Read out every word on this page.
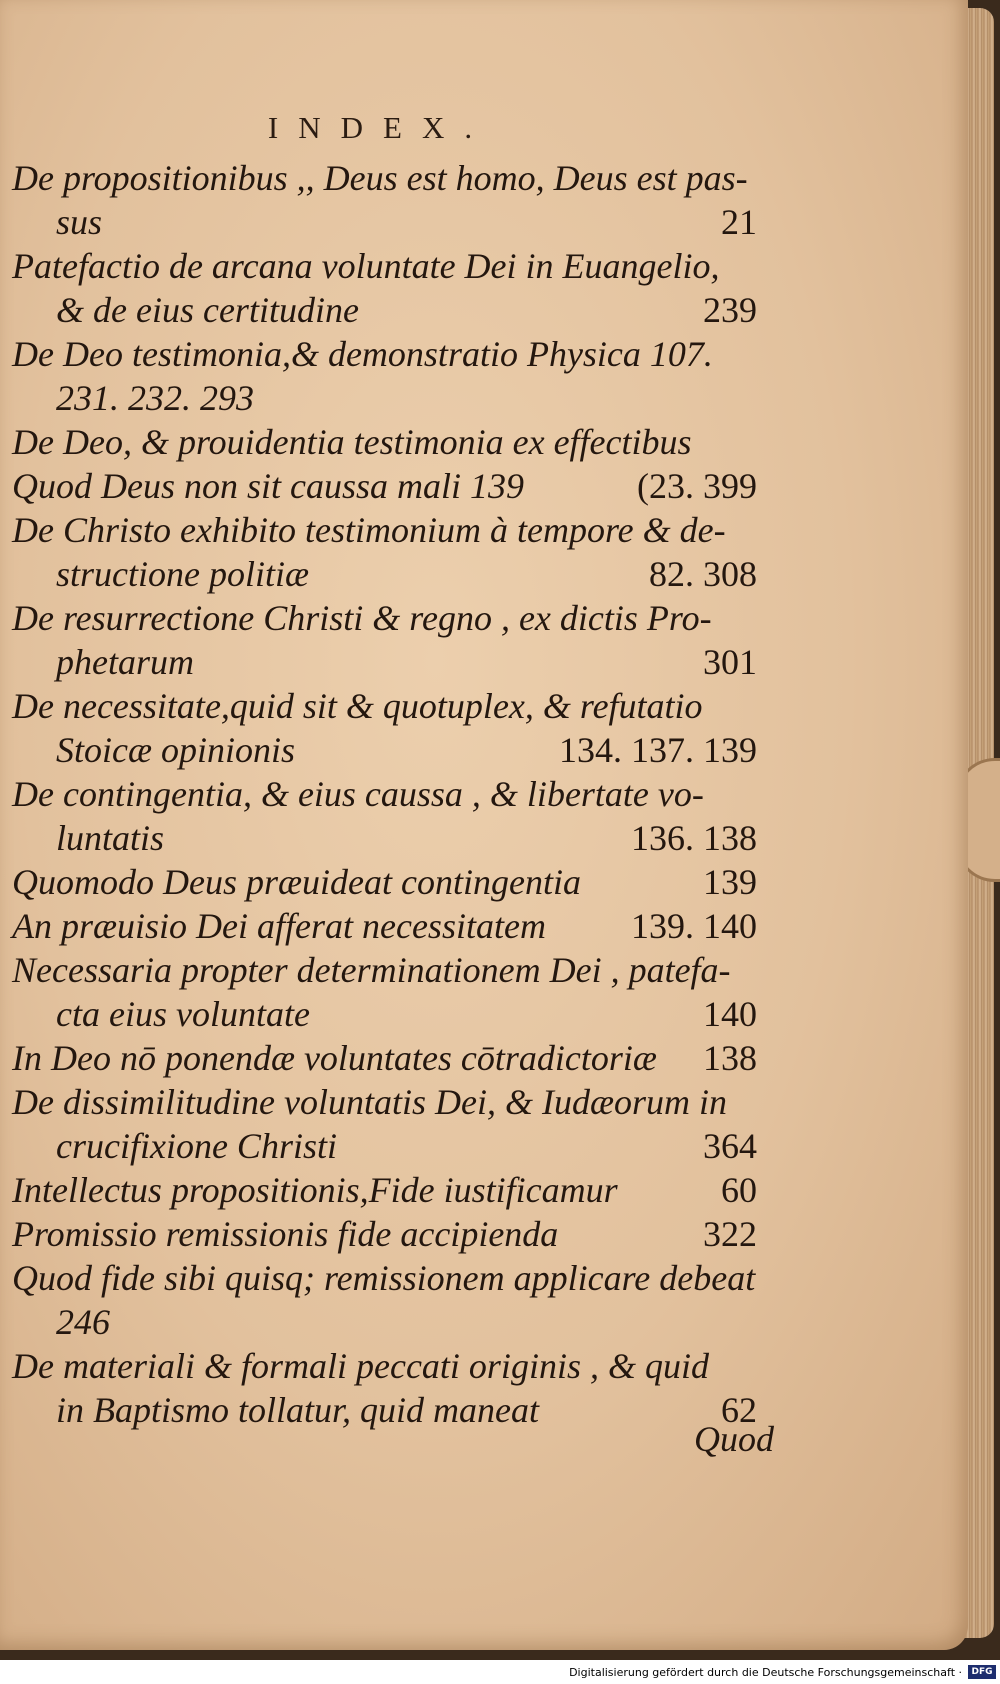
INDEX.
De propositionibus ,, Deus est homo, Deus est pas-
sus	21
Patefactio de arcana voluntate Dei in Euangelio,
& de eius certitudine	239
De Deo testimonia,& demonstratio Physica 107.
231. 232. 293
De Deo, & prouidentia testimonia ex effectibus
Quod Deus non sit caussa mali 139	(23. 399
De Christo exhibito testimonium à tempore & de-
structione politiæ	82. 308
De resurrectione Christi & regno , ex dictis Pro-
phetarum	301
De necessitate,quid sit & quotuplex, & refutatio
Stoicæ opinionis	134. 137. 139
De contingentia, & eius caussa , & libertate vo-
luntatis	136. 138
Quomodo Deus præuideat contingentia	139
An præuisio Dei afferat necessitatem	139. 140
Necessaria propter determinationem Dei , patefa-
cta eius voluntate	140
In Deo nō ponendæ voluntates cōtradictoriæ	138
De dissimilitudine voluntatis Dei, & Iudæorum in
crucifixione Christi	364
Intellectus propositionis,Fide iustificamur	60
Promissio remissionis fide accipienda	322
Quod fide sibi quisq; remissionem applicare debeat
246
De materiali & formali peccati originis , & quid
in Baptismo tollatur, quid maneat	62
Quod
Digitalisierung gefördert durch die Deutsche Forschungsgemeinschaft ·	DFG
